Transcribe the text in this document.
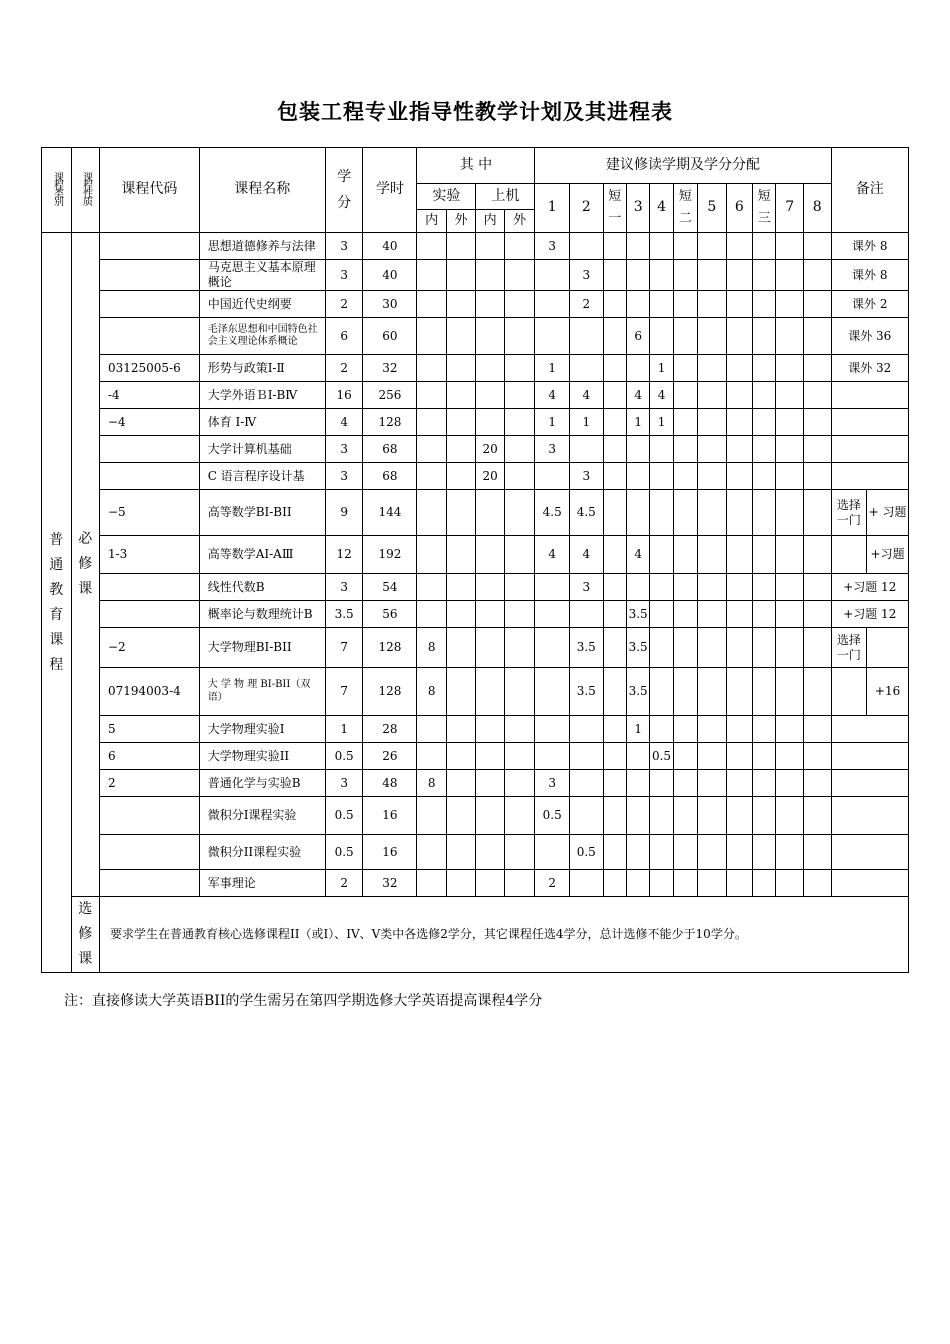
包装工程专业指导性教学计划及其进程表
课程类别	课程性质	课程代码	课程名称	学分	学时	其 中				建议修读学期及学分分配											备注	
						实验		上机		1	2	短一	3	4	短二	5	6	短三	7	8		
						内	外	内	外													
普通教育课程	必修课		思想道德修养与法律	3	40					3											课外 8	
			马克思主义基本原理概论	3	40						3										课外 8	
			中国近代史纲要	2	30						2										课外 2	
			毛泽东思想和中国特色社会主义理论体系概论	6	60								6								课外 36	
		03125005-6	形势与政策Ⅰ-Ⅱ	2	32					1				1							课外 32	
		-4	大学外语ＢⅠ-BⅣ	16	256					4	4		4	4								
		−4	体育 Ⅰ-Ⅳ	4	128					1	1		1	1								
			大学计算机基础	3	68			20		3												
			C 语言程序设计基	3	68			20			3											
		−5	高等数学BI-BII	9	144					4.5	4.5										选择一门	+ 习题
		1-3	高等数学AⅠ-AⅢ	12	192					4	4		4									+习题
			线性代数B	3	54						3										+习题 12	
			概率论与数理统计B	3.5	56								3.5								+习题 12	
		−2	大学物理BI-BII	7	128	8					3.5		3.5								选择一门	
		07194003-4	大 学 物 理 BI-BII（双语）	7	128	8					3.5		3.5									+16
		5	大学物理实验I	1	28								1									
		6	大学物理实验II	0.5	26									0.5								
		2	普通化学与实验B	3	48	8				3												
			微积分I课程实验	0.5	16					0.5												
			微积分II课程实验	0.5	16						0.5											
			军事理论	2	32					2												
	选修课	要求学生在普通教育核心选修课程II（或I）、IV、V类中各选修2学分，其它课程任选4学分，总计选修不能少于10学分。																				
注：直接修读大学英语BII的学生需另在第四学期选修大学英语提高课程4学分
